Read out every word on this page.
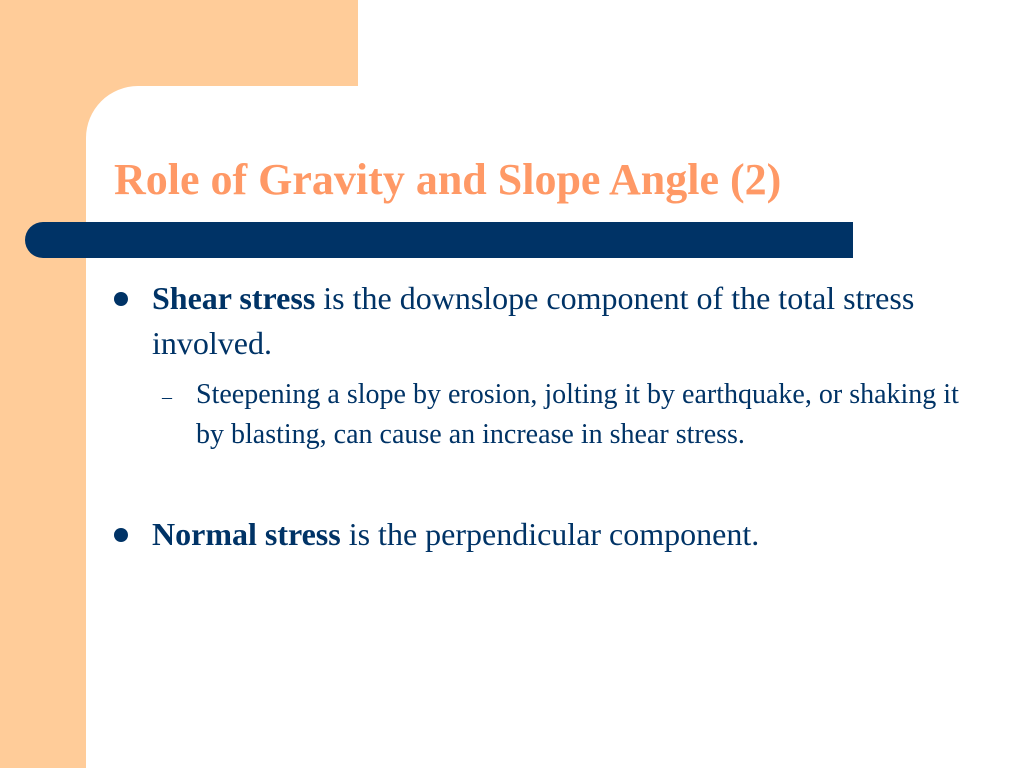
Role of Gravity and Slope Angle (2)
Shear stress is the downslope component of the total stress involved.
– Steepening a slope by erosion, jolting it by earthquake, or shaking it by blasting, can cause an increase in shear stress.
Normal stress is the perpendicular component.
